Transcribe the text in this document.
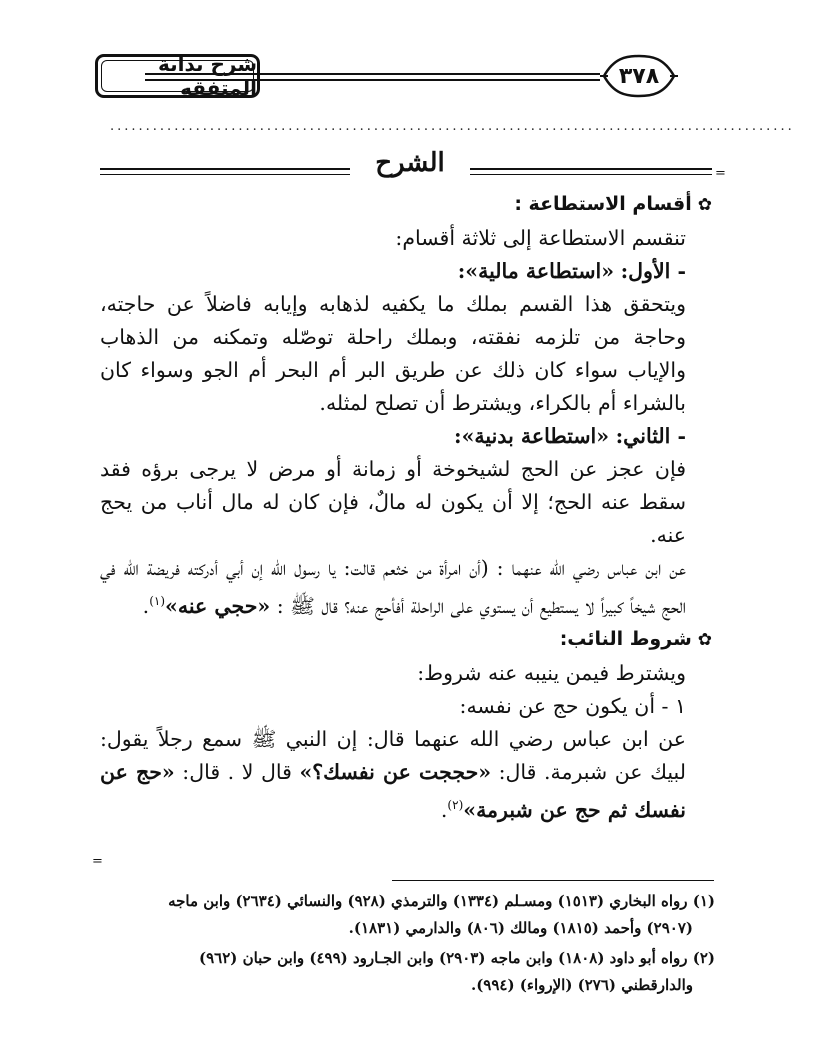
شرح بداية المتفقه	٣٧٨
................................................................................................
الشرح	=

✿أقسام الاستطاعة :

تنقسم الاستطاعة إلى ثلاثة أقسام:

- الأول: «استطاعة مالية»:

ويتحقق هذا القسم بملك ما يكفيه لذهابه وإيابه فاضلاً عن حاجته، وحاجة من تلزمه نفقته، وبملك راحلة توصّله وتمكنه من الذهاب والإياب سواء كان ذلك عن طريق البر أم البحر أم الجو وسواء كان بالشراء أم بالكراء، ويشترط أن تصلح لمثله.

- الثاني: «استطاعة بدنية»:

فإن عجز عن الحج لشيخوخة أو زمانة أو مرض لا يرجى برؤه فقد سقط عنه الحج؛ إلا أن يكون له مالٌ، فإن كان له مال أناب من يحج عنه.

عن ابن عباس رضي الله عنهما : (أن امرأة من خثعم قالت: يا رسول الله إن أبي أدركته فريضة الله في الحج شيخاً كبيراً لا يستطيع أن يستوي على الراحلة أفأحج عنه؟ قال ﷺ : «حجي عنه»$^{(١)}$.

✿شروط النائب:

ويشترط فيمن ينيبه عنه شروط:

١ - أن يكون حج عن نفسه:

عن ابن عباس رضي الله عنهما قال: إن النبي ﷺ سمع رجلاً يقول: لبيك عن شبرمة. قال: «حججت عن نفسك؟» قال لا . قال: «حج عن نفسك ثم حج عن شبرمة»$^{(٢)}$.

=

(١) رواه البخاري (١٥١٣) ومسـلم (١٣٣٤) والترمذي (٩٢٨) والنسائي (٢٦٣٤) وابن ماجه
(٢٩٠٧) وأحمد (١٨١٥) ومالك (٨٠٦) والدارمي (١٨٣١).

(٢) رواه أبو داود (١٨٠٨) وابن ماجه (٢٩٠٣) وابن الجـارود (٤٩٩) وابن حبان (٩٦٢)
والدارقطني (٢٧٦) (الإرواء) (٩٩٤).
